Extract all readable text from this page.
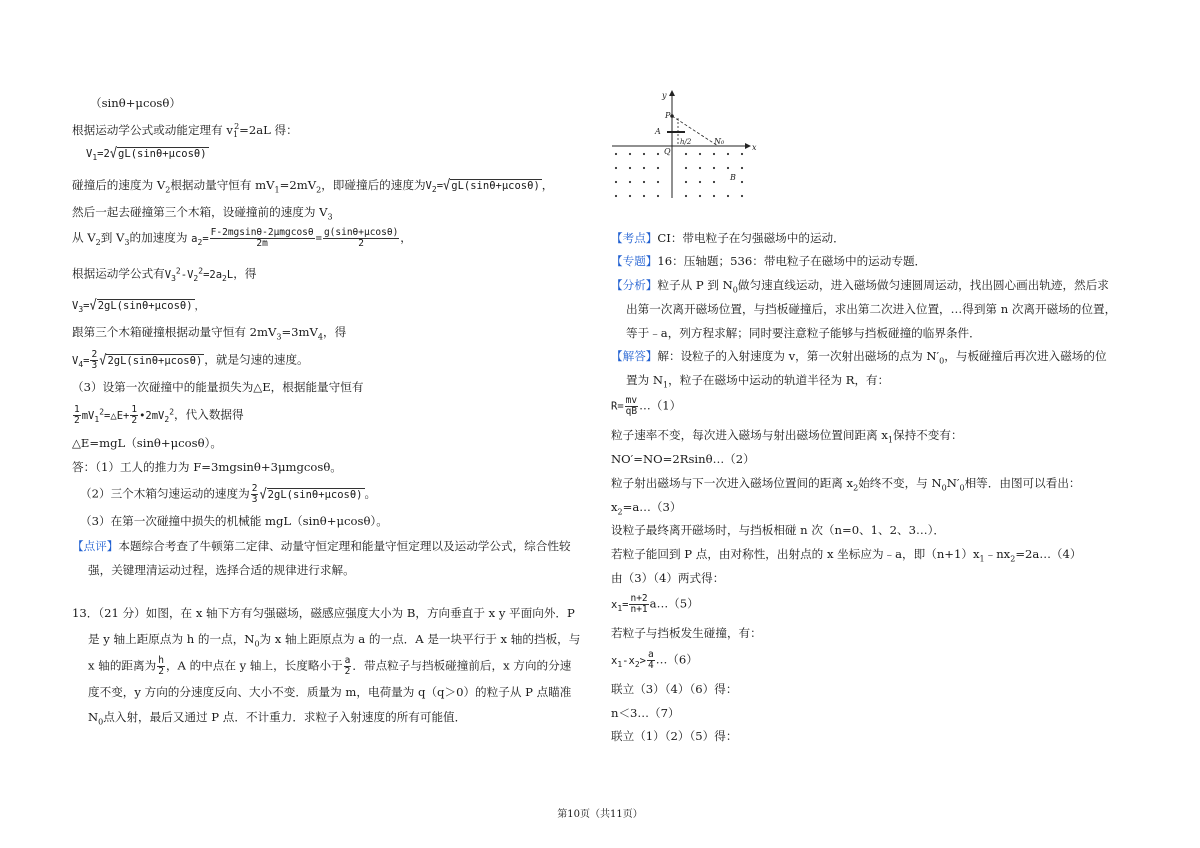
（sinθ+μcosθ）
根据运动学公式或动能定理有 $v_1^2=2aL$ 得：
$V_1=2√gL(\sin\theta+\mu\cos\theta)$
碰撞后的速度为 $V_2$根据动量守恒有 $mV_1=2mV_2$，即碰撞后的速度为$V_2=√gL(\sin\theta+\mu\cos\theta)$ ，
然后一起去碰撞第三个木箱，设碰撞前的速度为 $V_3$
从 $V_2$到 $V_3$的加速度为 $a_2= \frac{\text{F-2mgsinθ-2μmgcosθ}}{2m} = \frac{g(\sin\theta+\mu\cos\theta)}{2}$ ，
根据运动学公式有$V_3^2-V_2^2=2a_2L$，得
$V_3=√2gL(\sin\theta+\mu\cos\theta)$ ，
跟第三个木箱碰撞根据动量守恒有 $2mV_3=3mV_4$，得
$V_4= \frac{2}{3} √2gL(\sin\theta+\mu\cos\theta)$ ，就是匀速的速度。
（3）设第一次碰撞中的能量损失为△E，根据能量守恒有
$\frac{1}{2}$ $mV_1^2=\triangle E+ \frac{1}{2}$ $•2mV_2^2$，代入数据得
△E=mgL（sinθ+μcosθ）。
答：（1）工人的推力为 F=3mgsinθ+3μmgcosθ。
（2）三个木箱匀速运动的速度为 $\frac{2}{3} √2gL(\sin\theta+\mu\cos\theta)$ 。
（3）在第一次碰撞中损失的机械能 mgL（sinθ+μcosθ）。
【点评】本题综合考查了牛顿第二定律、动量守恒定理和能量守恒定理以及运动学公式，综合性较
强，关键理清运动过程，选择合适的规律进行求解。
13．（21 分）如图，在 x 轴下方有匀强磁场，磁感应强度大小为 B，方向垂直于 x y 平面向外．P
是 y 轴上距原点为 h 的一点，$N_0$为 x 轴上距原点为 a 的一点．A 是一块平行于 x 轴的挡板，与
x 轴的距离为 $\frac{h}{2}$ ，A 的中点在 y 轴上，长度略小于 $\frac{a}{2}$ ．带点粒子与挡板碰撞前后，x 方向的分速
度不变，y 方向的分速度反向、大小不变．质量为 m，电荷量为 q（q＞0）的粒子从 P 点瞄准
$N_0$点入射，最后又通过 P 点．不计重力．求粒子入射速度的所有可能值．
y
P
A
h/2
Q
N₀
x
B
【考点】CI：带电粒子在匀强磁场中的运动．
【专题】16：压轴题；536：带电粒子在磁场中的运动专题．
【分析】粒子从 P 到 $N_0$做匀速直线运动，进入磁场做匀速圆周运动，找出圆心画出轨迹，然后求
出第一次离开磁场位置，与挡板碰撞后，求出第二次进入位置，…得到第 n 次离开磁场的位置，
等于﹣a，列方程求解；同时要注意粒子能够与挡板碰撞的临界条件．
【解答】解：设粒子的入射速度为 v，第一次射出磁场的点为 $N'_0$，与板碰撞后再次进入磁场的位
置为 $N_1$，粒子在磁场中运动的轨道半径为 R，有：
$R= \frac{mv}{qB}$ …（1）
粒子速率不变，每次进入磁场与射出磁场位置间距离 $x_1$保持不变有：
NO′=NO=2Rsinθ…（2）
粒子射出磁场与下一次进入磁场位置间的距离 $x_2$始终不变，与 $N_0N'_0$相等．由图可以看出：
$x_2=a\dots(3)$
设粒子最终离开磁场时，与挡板相碰 n 次（n=0、1、2、3…）．
若粒子能回到 P 点，由对称性，出射点的 x 坐标应为﹣a，即$(n+1)x_1﹣nx_2=2a\dots(4)$
由（3）（4）两式得：
$x_1= \frac{n+2}{n+1}$ a…（5）
若粒子与挡板发生碰撞，有：
$x_1-x_2> \frac{a}{4}$ …（6）
联立（3）（4）（6）得：
n＜3…（7）
联立（1）（2）（5）得：
第10页（共11页）
